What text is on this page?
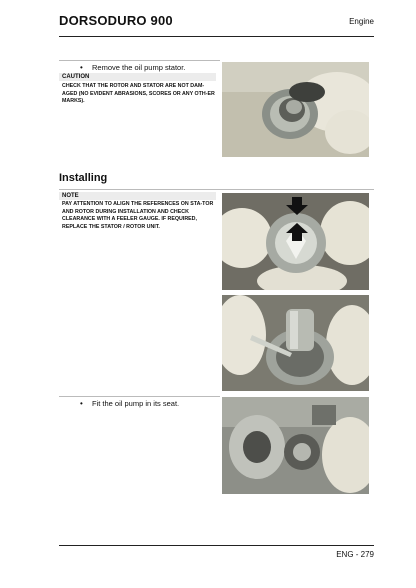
DORSODURO 900	Engine
• Remove the oil pump stator.
CAUTION
CHECK THAT THE ROTOR AND STATOR ARE NOT DAM-AGED (NO EVIDENT ABRASIONS, SCORES OR ANY OTH-ER MARKS).
Installing
NOTE
PAY ATTENTION TO ALIGN THE REFERENCES ON STA-TOR AND ROTOR DURING INSTALLATION AND CHECK CLEARANCE WITH A FEELER GAUGE. IF REQUIRED, REPLACE THE STATOR / ROTOR UNIT.
• Fit the oil pump in its seat.
ENG - 279
